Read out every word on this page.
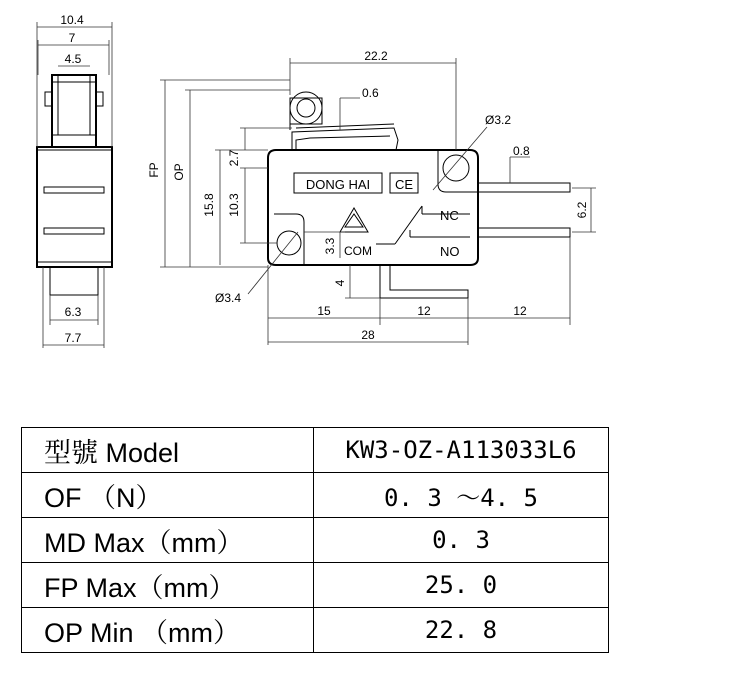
10.4
7
4.5
6.3
7.7
DONG HAI CE
NC
NO
COM
22.2
0.6
Ø3.2
0.8
6.2
FP OP
2.7
15.8 10.3
3.3
4
Ø3.4
15	12	12
28
型號 Model	KW3-OZ-A113033L6
OF （N）	0. 3 ～4. 5
MD Max（mm）	0. 3
FP Max（mm）	25. 0
OP Min （mm）	22. 8
